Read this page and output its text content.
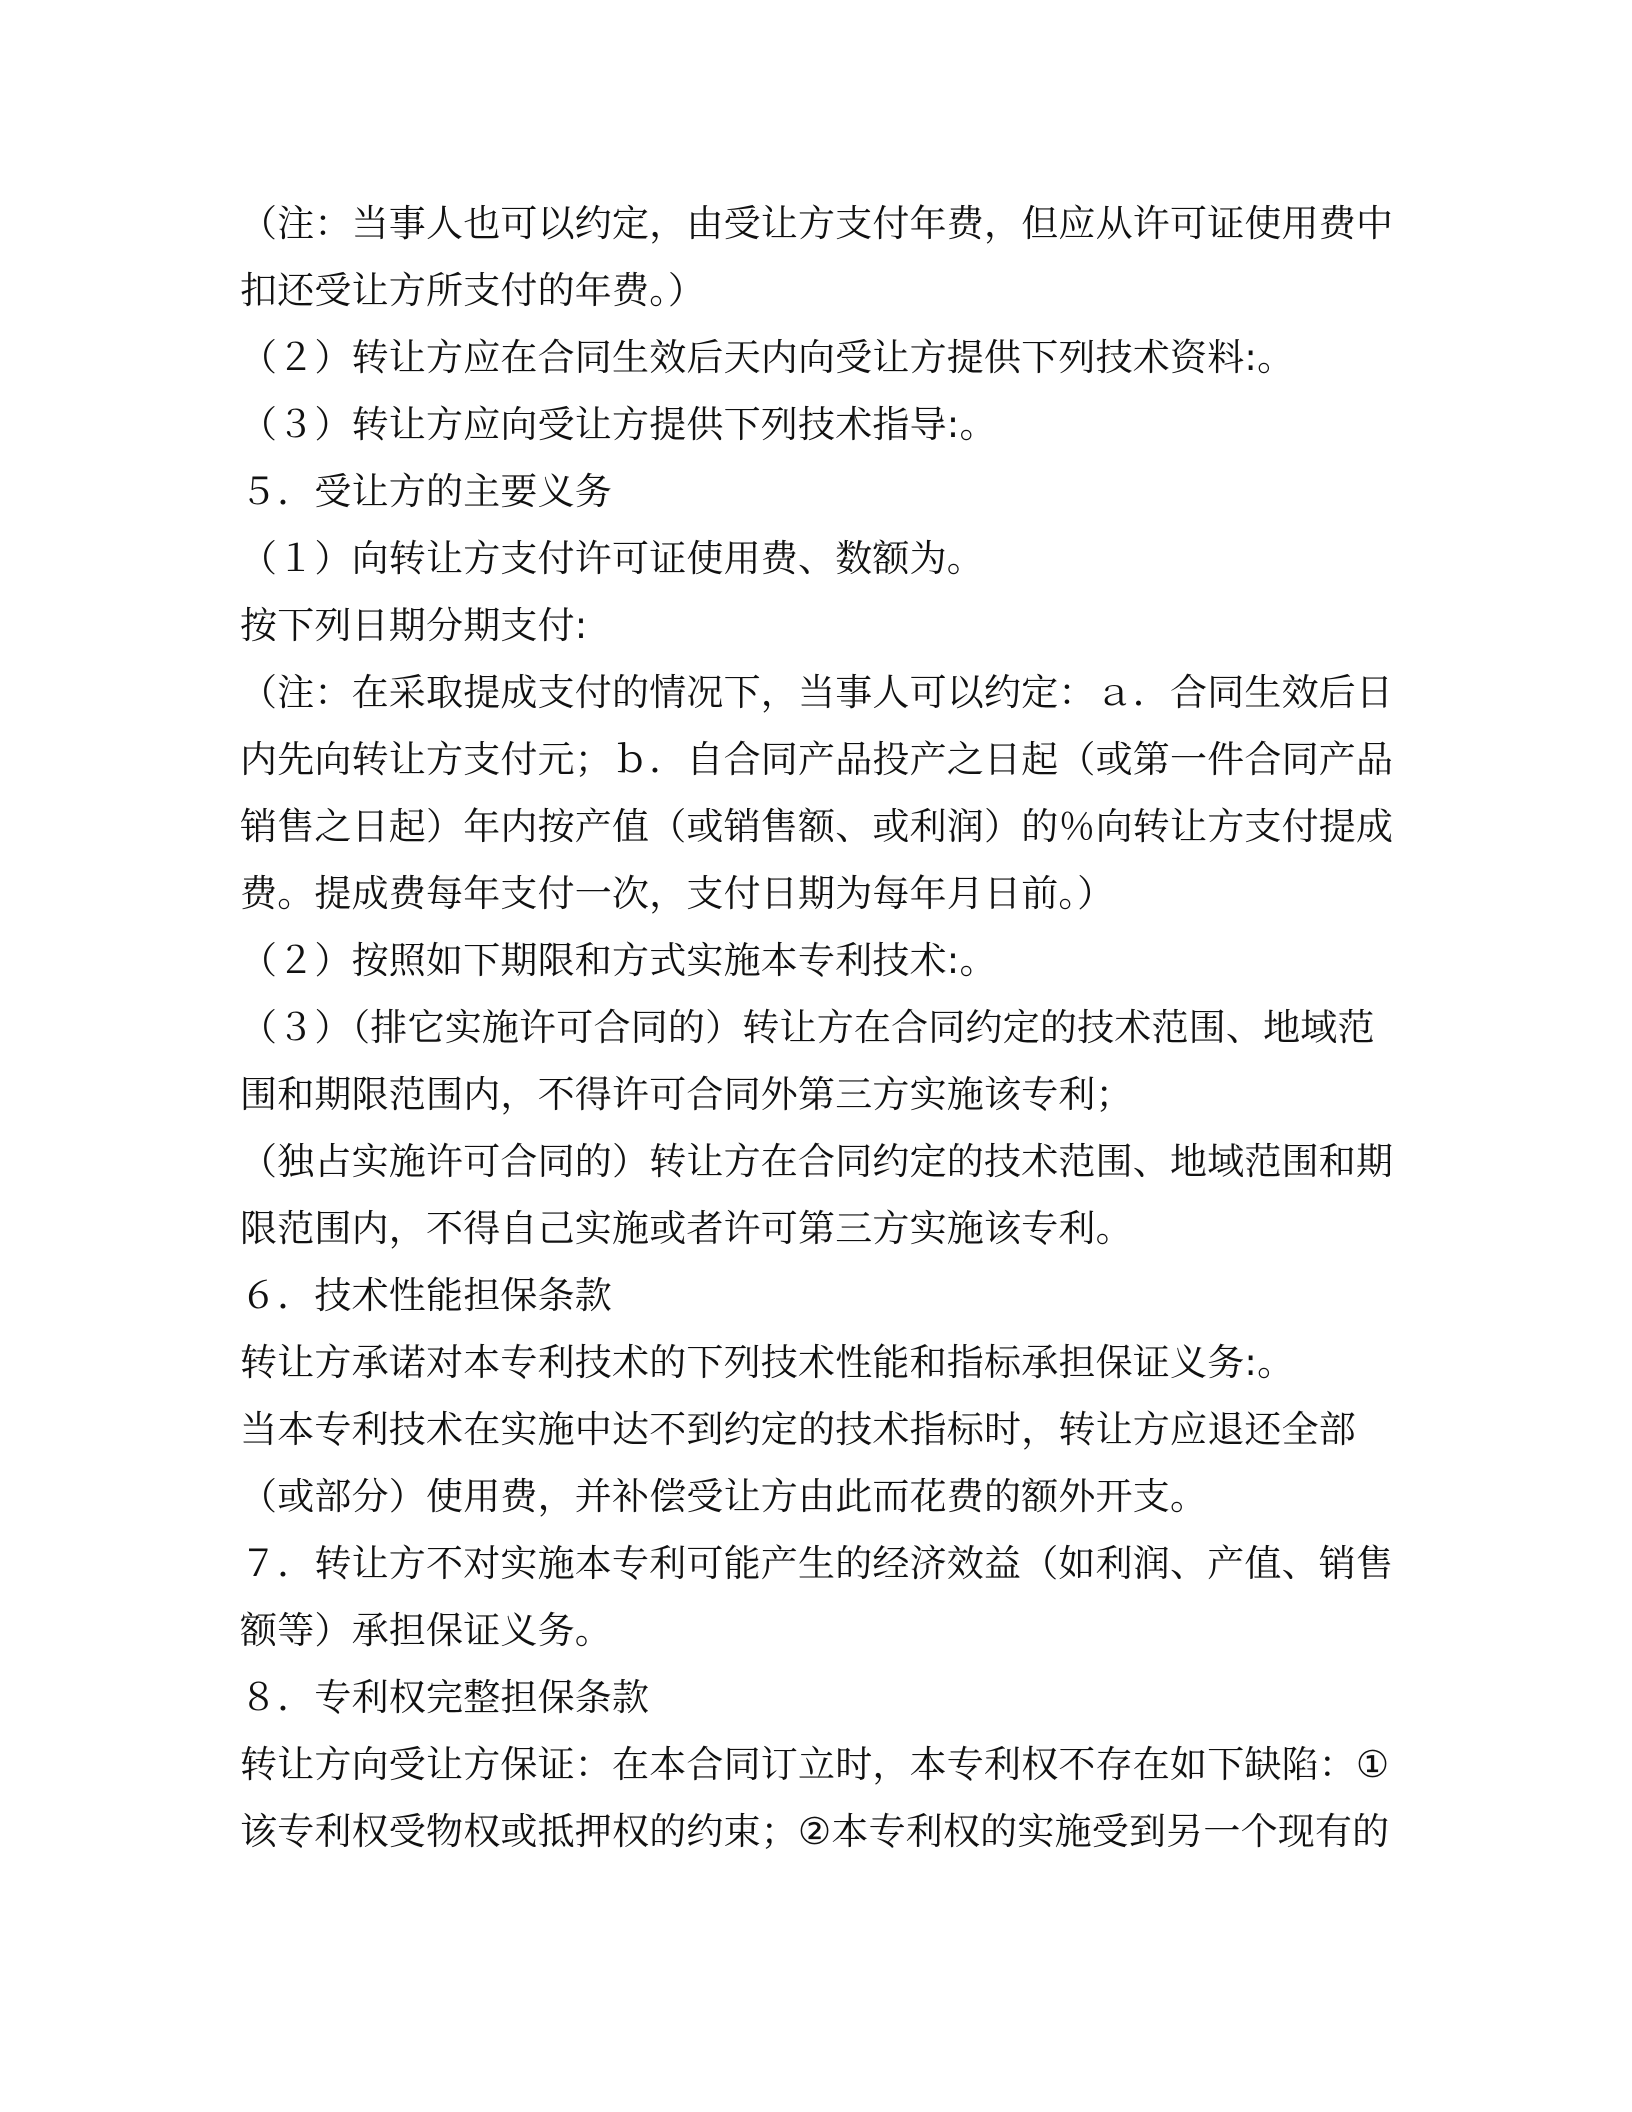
（注：当事人也可以约定，由受让方支付年费，但应从许可证使用费中
扣还受让方所支付的年费。）
（２）转让方应在合同生效后天内向受让方提供下列技术资料:。
（３）转让方应向受让方提供下列技术指导:。
５．受让方的主要义务
（１）向转让方支付许可证使用费、数额为。
按下列日期分期支付:
（注：在采取提成支付的情况下，当事人可以约定：ａ．合同生效后日
内先向转让方支付元；ｂ．自合同产品投产之日起（或第一件合同产品
销售之日起）年内按产值（或销售额、或利润）的％向转让方支付提成
费。提成费每年支付一次，支付日期为每年月日前。）
（２）按照如下期限和方式实施本专利技术:。
（３）（排它实施许可合同的）转让方在合同约定的技术范围、地域范
围和期限范围内，不得许可合同外第三方实施该专利；
（独占实施许可合同的）转让方在合同约定的技术范围、地域范围和期
限范围内，不得自己实施或者许可第三方实施该专利。
６．技术性能担保条款
转让方承诺对本专利技术的下列技术性能和指标承担保证义务:。
当本专利技术在实施中达不到约定的技术指标时，转让方应退还全部
（或部分）使用费，并补偿受让方由此而花费的额外开支。
７．转让方不对实施本专利可能产生的经济效益（如利润、产值、销售
额等）承担保证义务。
８．专利权完整担保条款
转让方向受让方保证：在本合同订立时，本专利权不存在如下缺陷：①
该专利权受物权或抵押权的约束；②本专利权的实施受到另一个现有的
